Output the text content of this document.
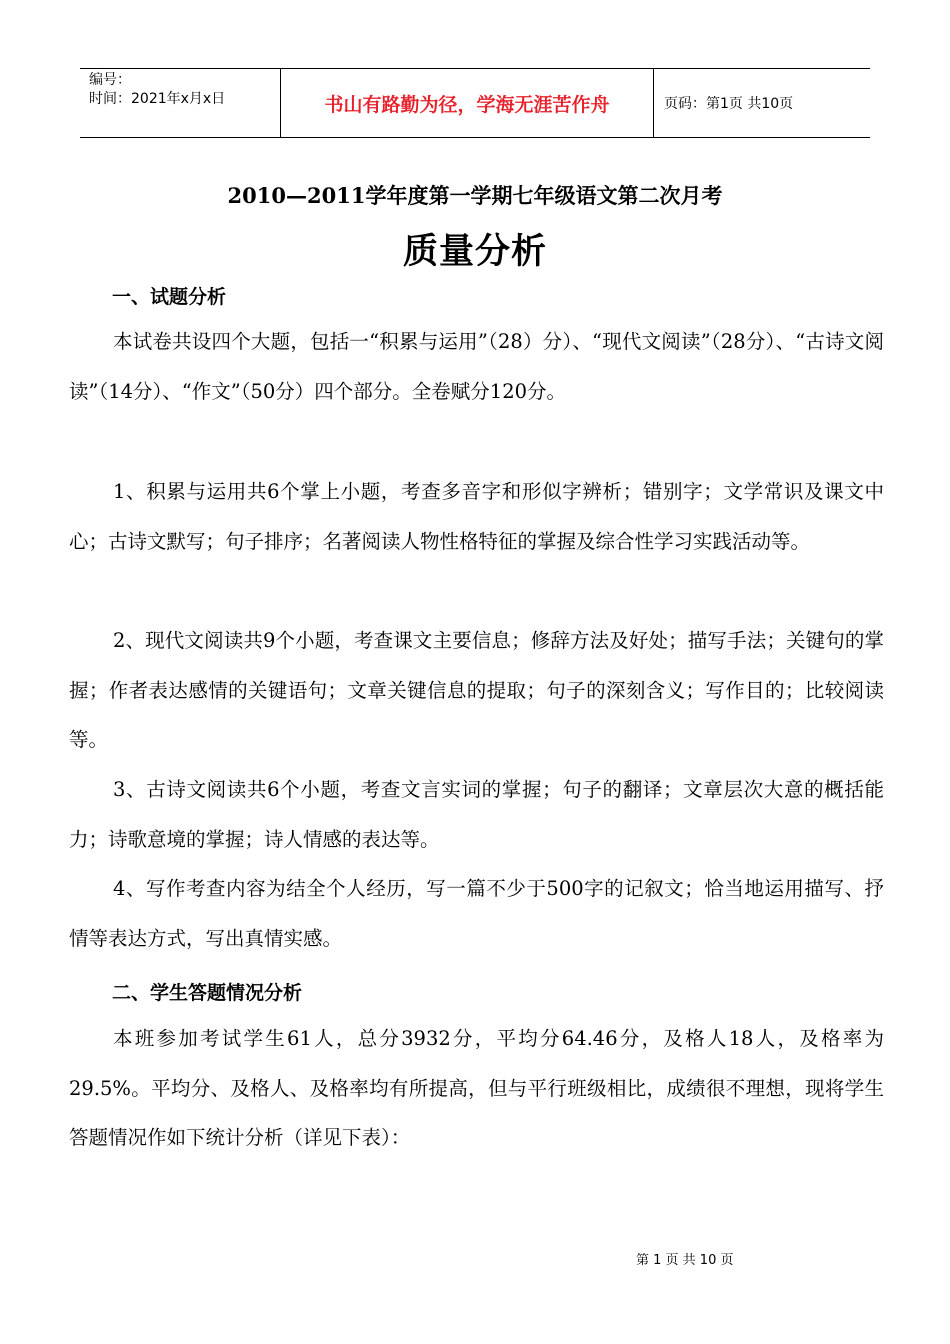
编号：
时间：2021年x月x日	书山有路勤为径，学海无涯苦作舟	页码：第1页 共10页
2010—2011学年度第一学期七年级语文第二次月考
质量分析
一、试题分析
本试卷共设四个大题，包括一“积累与运用”（28）分）、“现代文阅读”（28分）、“古诗文阅读”（14分）、“作文”（50分）四个部分。全卷赋分120分。
1、积累与运用共6个掌上小题，考查多音字和形似字辨析；错别字；文学常识及课文中心；古诗文默写；句子排序；名著阅读人物性格特征的掌握及综合性学习实践活动等。
2、现代文阅读共9个小题，考查课文主要信息；修辞方法及好处；描写手法；关键句的掌握；作者表达感情的关键语句；文章关键信息的提取；句子的深刻含义；写作目的；比较阅读等。
3、古诗文阅读共6个小题，考查文言实词的掌握；句子的翻译；文章层次大意的概括能力；诗歌意境的掌握；诗人情感的表达等。
4、写作考查内容为结全个人经历，写一篇不少于500字的记叙文；恰当地运用描写、抒情等表达方式，写出真情实感。
二、学生答题情况分析
本班参加考试学生61人，总分3932分，平均分64.46分，及格人18人，及格率为29.5%。平均分、及格人、及格率均有所提高，但与平行班级相比，成绩很不理想，现将学生答题情况作如下统计分析（详见下表）：
第 1 页 共 10 页
